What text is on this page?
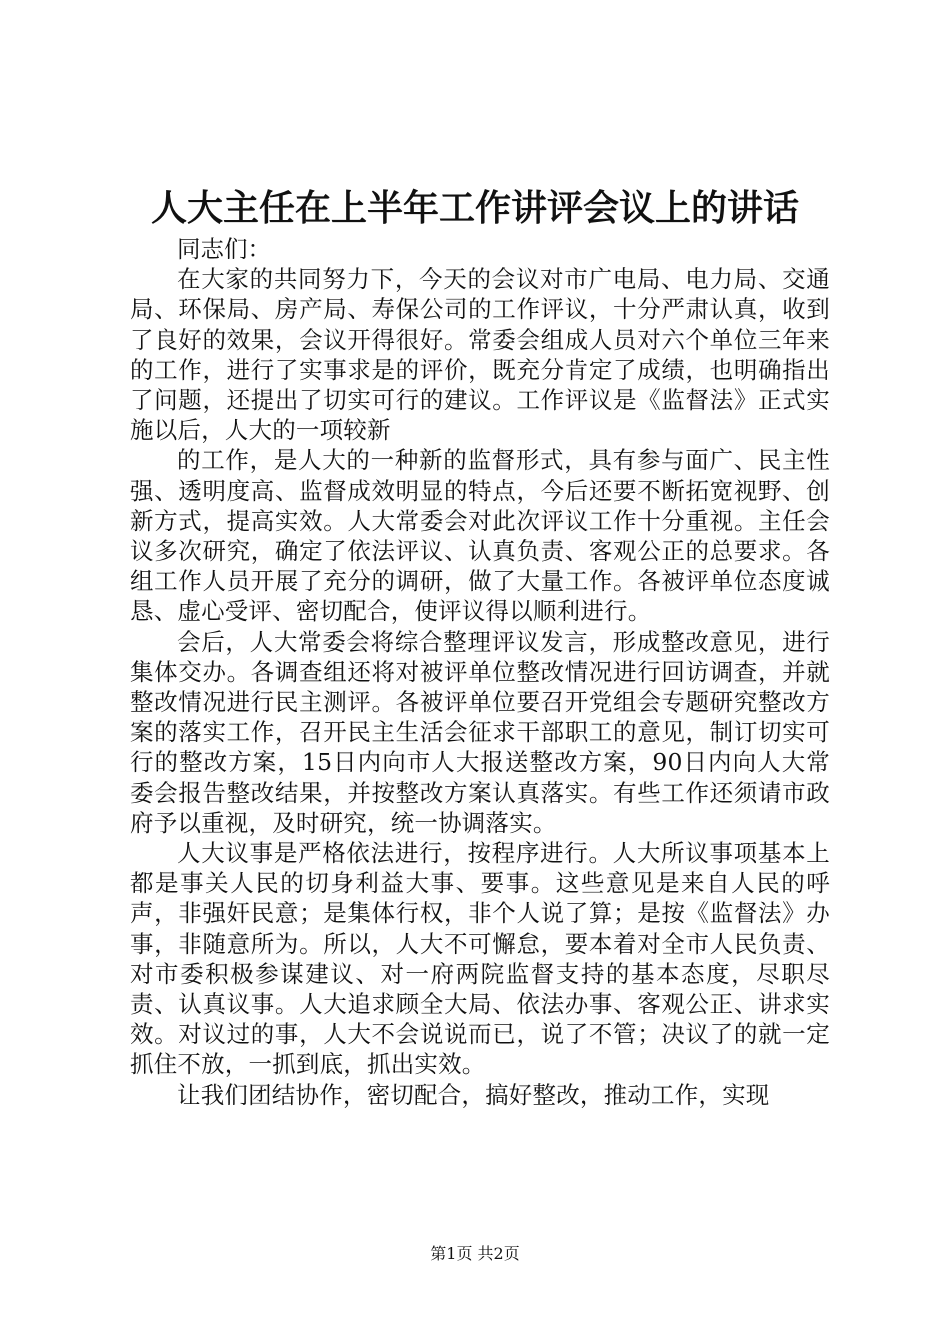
人大主任在上半年工作讲评会议上的讲话

同志们：

在大家的共同努力下，今天的会议对市广电局、电力局、交通局、环保局、房产局、寿保公司的工作评议，十分严肃认真，收到了良好的效果，会议开得很好。常委会组成人员对六个单位三年来的工作，进行了实事求是的评价，既充分肯定了成绩，也明确指出了问题，还提出了切实可行的建议。工作评议是《监督法》正式实施以后，人大的一项较新

的工作，是人大的一种新的监督形式，具有参与面广、民主性强、透明度高、监督成效明显的特点，今后还要不断拓宽视野、创新方式，提高实效。人大常委会对此次评议工作十分重视。主任会议多次研究，确定了依法评议、认真负责、客观公正的总要求。各组工作人员开展了充分的调研，做了大量工作。各被评单位态度诚恳、虚心受评、密切配合，使评议得以顺利进行。

会后，人大常委会将综合整理评议发言，形成整改意见，进行集体交办。各调查组还将对被评单位整改情况进行回访调查，并就整改情况进行民主测评。各被评单位要召开党组会专题研究整改方案的落实工作，召开民主生活会征求干部职工的意见，制订切实可行的整改方案，15日内向市人大报送整改方案，90日内向人大常委会报告整改结果，并按整改方案认真落实。有些工作还须请市政府予以重视，及时研究，统一协调落实。

人大议事是严格依法进行，按程序进行。人大所议事项基本上都是事关人民的切身利益大事、要事。这些意见是来自人民的呼声，非强奸民意；是集体行权，非个人说了算；是按《监督法》办事，非随意所为。所以，人大不可懈怠，要本着对全市人民负责、对市委积极参谋建议、对一府两院监督支持的基本态度，尽职尽责、认真议事。人大追求顾全大局、依法办事、客观公正、讲求实效。对议过的事，人大不会说说而已，说了不管；决议了的就一定抓住不放，一抓到底，抓出实效。

让我们团结协作，密切配合，搞好整改，推动工作，实现

第1页 共2页
